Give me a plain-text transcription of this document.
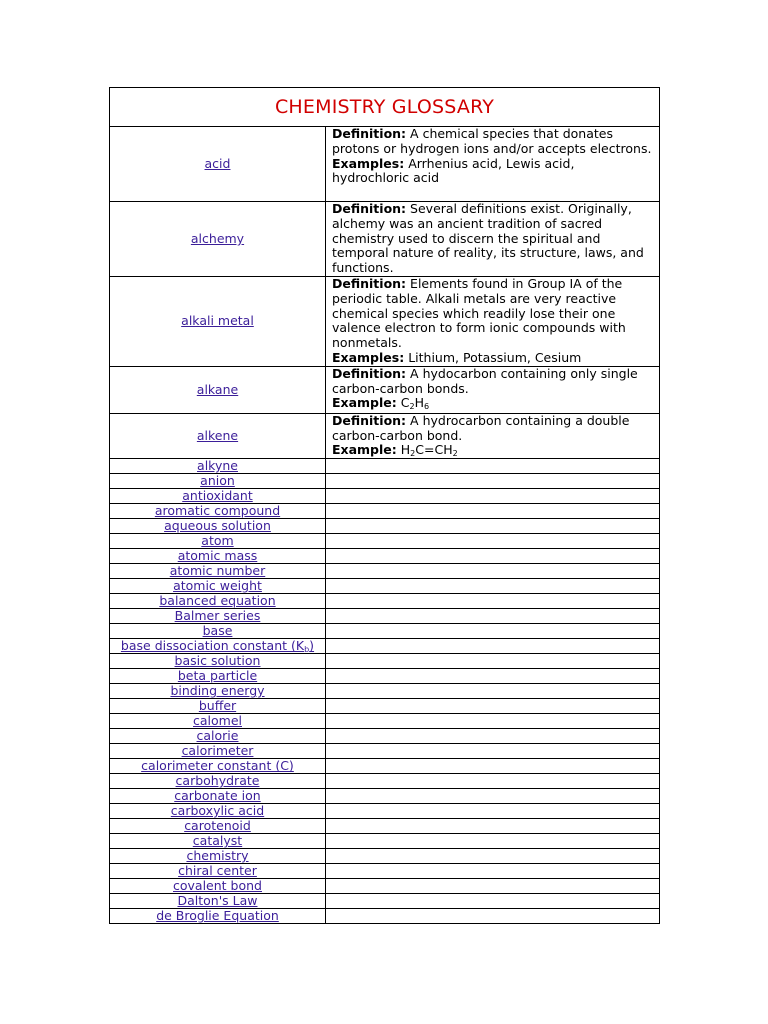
CHEMISTRY GLOSSARY	
acid	Definition: A chemical species that donates protons or hydrogen ions and/or accepts electrons.
Examples: Arrhenius acid, Lewis acid, hydrochloric acid

alchemy	Definition: Several definitions exist. Originally, alchemy was an ancient tradition of sacred chemistry used to discern the spiritual and temporal nature of reality, its structure, laws, and functions.

alkali metal	Definition: Elements found in Group IA of the periodic table. Alkali metals are very reactive chemical species which readily lose their one valence electron to form ionic compounds with nonmetals.
Examples: Lithium, Potassium, Cesium

alkane	Definition: A hydocarbon containing only single carbon-carbon bonds.
Example: $C_2H_6$

alkene	Definition: A hydrocarbon containing a double carbon-carbon bond.
Example: $H_2C=CH_2$

alkyne	
anion	
antioxidant	
aromatic compound	
aqueous solution	
atom	
atomic mass	
atomic number	
atomic weight	
balanced equation	
Balmer series	
base	
base dissociation constant $(K_b)$	
basic solution	
beta particle	
binding energy	
buffer	
calomel	
calorie	
calorimeter	
calorimeter constant (C)	
carbohydrate	
carbonate ion	
carboxylic acid	
carotenoid	
catalyst	
chemistry	
chiral center	
covalent bond	
Dalton's Law	
de Broglie Equation	
